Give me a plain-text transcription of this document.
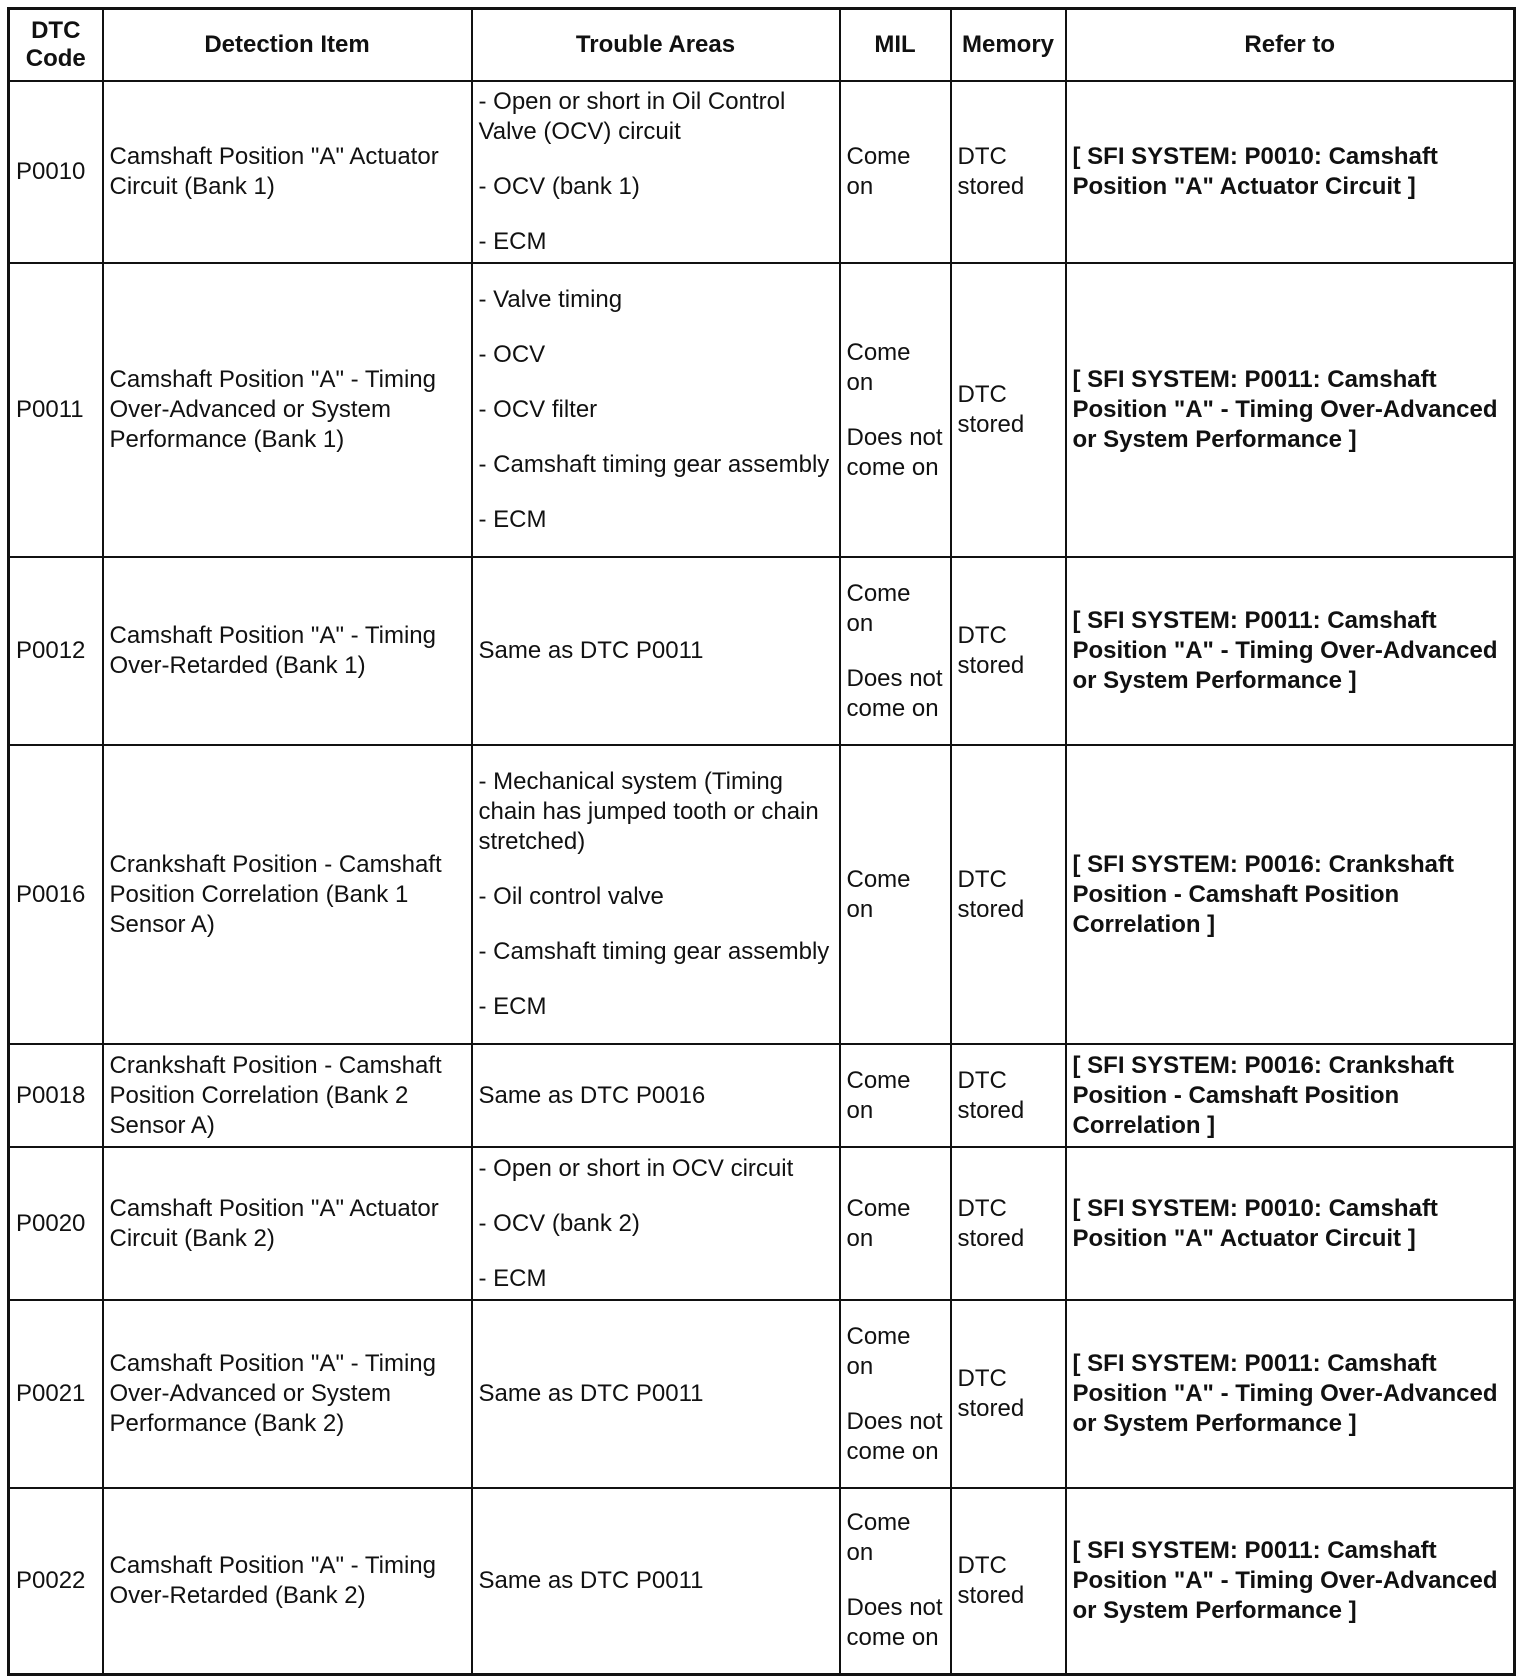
DTC Code	Detection Item	Trouble Areas	MIL	Memory	Refer to
P0010	Camshaft Position "A" Actuator Circuit (Bank 1)	- Open or short in Oil Control Valve (OCV) circuit
- OCV (bank 1)
- ECM	Come on	DTC stored	[ SFI SYSTEM: P0010: Camshaft Position "A" Actuator Circuit ]
P0011	Camshaft Position "A" - Timing Over-Advanced or System Performance (Bank 1)	- Valve timing
- OCV
- OCV filter
- Camshaft timing gear assembly
- ECM	Come on
Does not come on	DTC stored	[ SFI SYSTEM: P0011: Camshaft Position "A" - Timing Over-Advanced or System Performance ]
P0012	Camshaft Position "A" - Timing Over-Retarded (Bank 1)	Same as DTC P0011	Come on
Does not come on	DTC stored	[ SFI SYSTEM: P0011: Camshaft Position "A" - Timing Over-Advanced or System Performance ]
P0016	Crankshaft Position - Camshaft Position Correlation (Bank 1 Sensor A)	- Mechanical system (Timing chain has jumped tooth or chain stretched)
- Oil control valve
- Camshaft timing gear assembly
- ECM	Come on	DTC stored	[ SFI SYSTEM: P0016: Crankshaft Position - Camshaft Position Correlation ]
P0018	Crankshaft Position - Camshaft Position Correlation (Bank 2 Sensor A)	Same as DTC P0016	Come on	DTC stored	[ SFI SYSTEM: P0016: Crankshaft Position - Camshaft Position Correlation ]
P0020	Camshaft Position "A" Actuator Circuit (Bank 2)	- Open or short in OCV circuit
- OCV (bank 2)
- ECM	Come on	DTC stored	[ SFI SYSTEM: P0010: Camshaft Position "A" Actuator Circuit ]
P0021	Camshaft Position "A" - Timing Over-Advanced or System Performance (Bank 2)	Same as DTC P0011	Come on
Does not come on	DTC stored	[ SFI SYSTEM: P0011: Camshaft Position "A" - Timing Over-Advanced or System Performance ]
P0022	Camshaft Position "A" - Timing Over-Retarded (Bank 2)	Same as DTC P0011	Come on
Does not come on	DTC stored	[ SFI SYSTEM: P0011: Camshaft Position "A" - Timing Over-Advanced or System Performance ]
